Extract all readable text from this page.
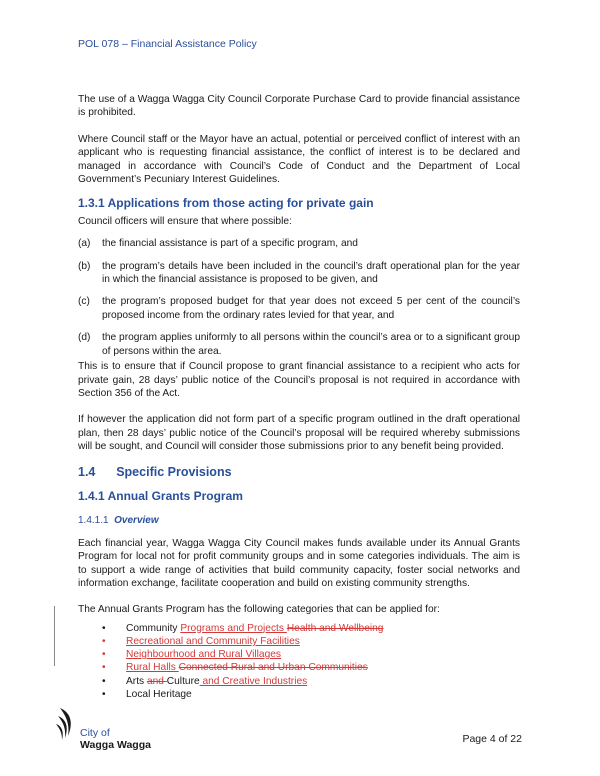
POL 078 – Financial Assistance Policy

The use of a Wagga Wagga City Council Corporate Purchase Card to provide financial assistance is prohibited.

Where Council staff or the Mayor have an actual, potential or perceived conflict of interest with an applicant who is requesting financial assistance, the conflict of interest is to be declared and managed in accordance with Council’s Code of Conduct and the Department of Local Government’s Pecuniary Interest Guidelines.

1.3.1 Applications from those acting for private gain

Council officers will ensure that where possible:

(a)	the financial assistance is part of a specific program, and
(b)	the program’s details have been included in the council’s draft operational plan for the year in which the financial assistance is proposed to be given, and
(c)	the program’s proposed budget for that year does not exceed 5 per cent of the council’s proposed income from the ordinary rates levied for that year, and
(d)	the program applies uniformly to all persons within the council’s area or to a significant group of persons within the area.

This is to ensure that if Council propose to grant financial assistance to a recipient who acts for private gain, 28 days’ public notice of the Council’s proposal is not required in accordance with Section 356 of the Act.

If however the application did not form part of a specific program outlined in the draft operational plan, then 28 days’ public notice of the Council’s proposal will be required whereby submissions will be sought, and Council will consider those submissions prior to any benefit being provided.

1.4      Specific Provisions
1.4.1 Annual Grants Program
1.4.1.1 Overview

Each financial year, Wagga Wagga City Council makes funds available under its Annual Grants Program for local not for profit community groups and in some categories individuals. The aim is to support a wide range of activities that build community capacity, foster social networks and information exchange, facilitate cooperation and build on existing community strengths.

The Annual Grants Program has the following categories that can be applied for:

•	Community Programs and Projects Health and Wellbeing
•	Recreational and Community Facilities
•	Neighbourhood and Rural Villages
•	Rural Halls Connected Rural and Urban Communities
•	Arts and Culture and Creative Industries
•	Local Heritage
City of
Wagga Wagga	Page 4 of 22
